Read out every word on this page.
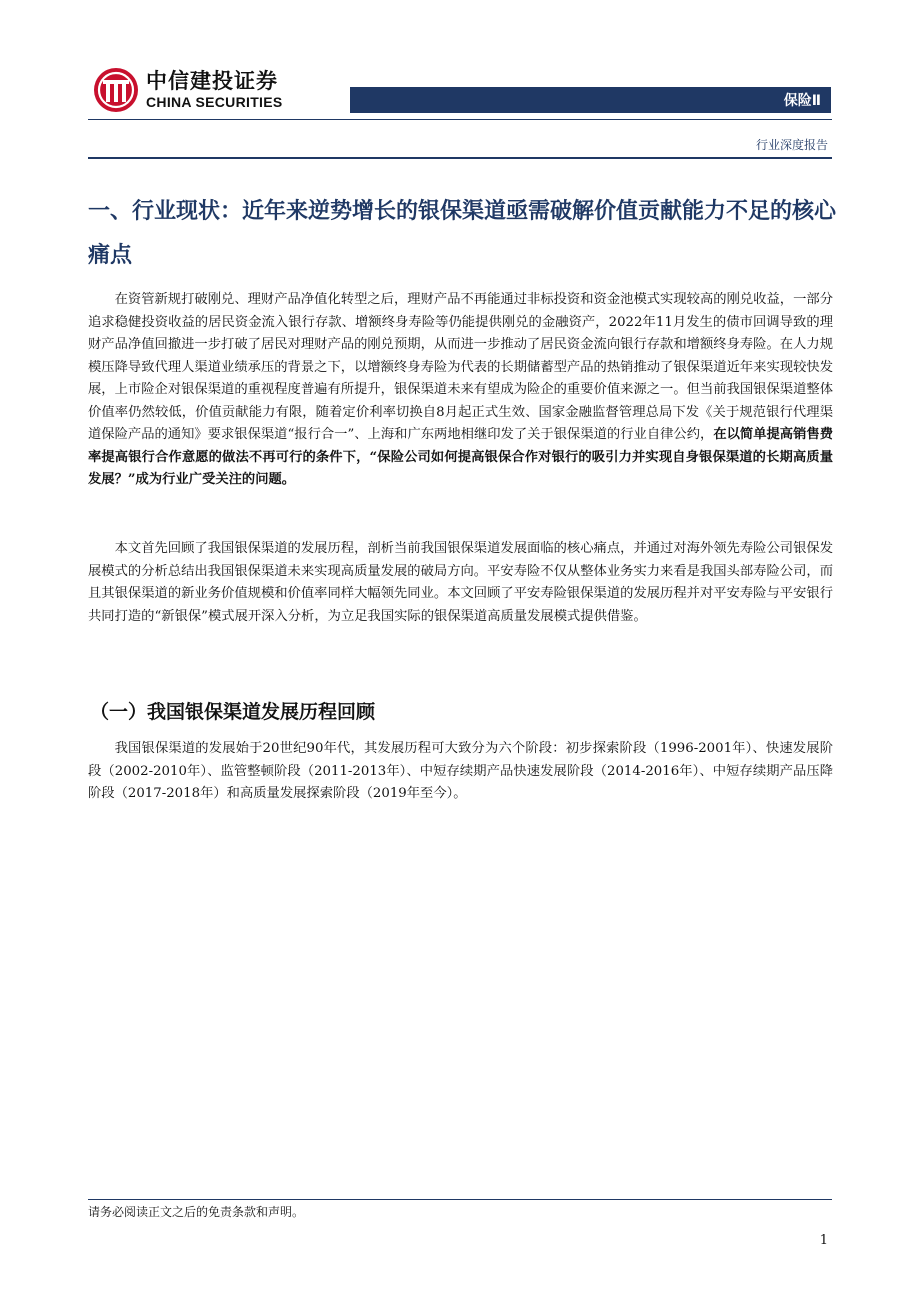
中信建投证券
CHINA SECURITIES	保险Ⅱ
行业深度报告
一、行业现状：近年来逆势增长的银保渠道亟需破解价值贡献能力不足的核心痛点

在资管新规打破刚兑、理财产品净值化转型之后，理财产品不再能通过非标投资和资金池模式实现较高的刚兑收益，一部分追求稳健投资收益的居民资金流入银行存款、增额终身寿险等仍能提供刚兑的金融资产，2022年11月发生的债市回调导致的理财产品净值回撤进一步打破了居民对理财产品的刚兑预期，从而进一步推动了居民资金流向银行存款和增额终身寿险。在人力规模压降导致代理人渠道业绩承压的背景之下，以增额终身寿险为代表的长期储蓄型产品的热销推动了银保渠道近年来实现较快发展，上市险企对银保渠道的重视程度普遍有所提升，银保渠道未来有望成为险企的重要价值来源之一。但当前我国银保渠道整体价值率仍然较低，价值贡献能力有限，随着定价利率切换自8月起正式生效、国家金融监督管理总局下发《关于规范银行代理渠道保险产品的通知》要求银保渠道“报行合一”、上海和广东两地相继印发了关于银保渠道的行业自律公约，在以简单提高销售费率提高银行合作意愿的做法不再可行的条件下，“保险公司如何提高银保合作对银行的吸引力并实现自身银保渠道的长期高质量发展？”成为行业广受关注的问题。

本文首先回顾了我国银保渠道的发展历程，剖析当前我国银保渠道发展面临的核心痛点，并通过对海外领先寿险公司银保发展模式的分析总结出我国银保渠道未来实现高质量发展的破局方向。平安寿险不仅从整体业务实力来看是我国头部寿险公司，而且其银保渠道的新业务价值规模和价值率同样大幅领先同业。本文回顾了平安寿险银保渠道的发展历程并对平安寿险与平安银行共同打造的“新银保”模式展开深入分析，为立足我国实际的银保渠道高质量发展模式提供借鉴。

（一）我国银保渠道发展历程回顾

我国银保渠道的发展始于20世纪90年代，其发展历程可大致分为六个阶段：初步探索阶段（1996-2001年）、快速发展阶段（2002-2010年）、监管整顿阶段（2011-2013年）、中短存续期产品快速发展阶段（2014-2016年）、中短存续期产品压降阶段（2017-2018年）和高质量发展探索阶段（2019年至今）。

请务必阅读正文之后的免责条款和声明。
1
